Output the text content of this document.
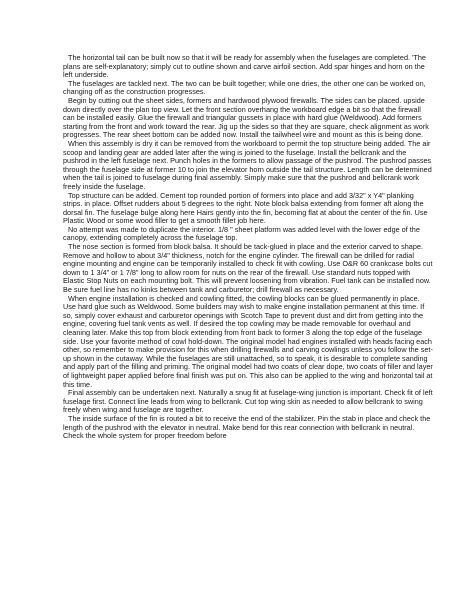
The horizontal tail can be built now so that it will be ready for assembly when the fuselages are completed. 'The plans are self-explanatory; simply cut to outline shown and carve airfoil section. Add spar hinges and horn on the left underside.

The fuselages are tackled next. The two can be built together; while one dries, the other one can be worked on, changing off as the construction progresses.

Begin by cutting out the sheet sides, formers and hardwood plywood firewalls. The sides can be placed. upside down directly over the plan top view. Let the front section overhang the workboard edge a bit so that the firewall can be installed easily. Glue the firewall and triangular gussets in place with hard glue (Weldwood). Add formers starting from the front and work toward the rear. Jig up the sides so that they are square, check alignment as work progresses. The rear sheet bottom can be added now. Install the tailwheel wire and mount as this is being done.

When this assembly is dry it can be removed from the workboard to permit the top structure being added. The air scoop and landing gear are added later after the wing is joined to the fuselage. Install the bellcrank and the pushrod in the left fuselage next. Punch holes in the formers to allow passage of the pushrod. The pushrod passes through the fuselage side at former 10 to join the elevator horn outside the tail structure. Length can be determined when the tail is joined to fuselage during final assembly. Simply make sure that the pushrod and bellcrank work freely inside the fuselage.

Top structure can be added. Cement top rounded portion of formers into place and add 3/32" x Y4" planking strips. in place. Offset rudders about 5 degrees to the right. Note block balsa extending from former aft along the dorsal fin. The fuselage bulge along here Hairs gently into the fin, becoming flat at about the center of the fin. Use Plastic Wood or some wood filler to get a smooth fillet job here.

No attempt was made to duplicate the interior. 1/8 " sheet platform was added level with the lower edge of the canopy, extending completely across the fuselage top.

The nose section is formed from block balsa. It should be tack-glued in place and the exterior carved to shape. Remove and hollow to about 3/4" thickness, notch for the engine cylinder. The firewall can be drilled for radial engine mounting and engine can be temporarily installed to check fit with cowling. Use O&R 60 crankcase bolts cut down to 1 3/4" or 1 7/8" long to allow room for nuts on the rear of the firewall. Use standard nuts topped with Elastic Stop Nuts on each mounting bolt. This will prevent loosening from vibration. Fuel tank can be installed now. Be sure fuel line has no kinks between tank and carburetor; drill firewall as necessary.

When engine installation is checked and cowling fitted, the cowling blocks can be glued permanently in place. Use hard glue such as Weldwood. Some builders may wish to make engine installation permanent at this time. If so, simply cover exhaust and carburetor openings with Scotch Tape to prevent dust and dirt from getting into the engine, covering fuel tank vents as well. If desired the top cowling may be made removable for overhaul and cleaning later. Make this top from block extending from front back to former 3 along the top edge of the fuselage side. Use your favorite method of cowl hold-down. The original model had engines installed with heads facing each other, so remember to make provision for this when drilling firewalls and carving cowlings unless you follow the set-up shown in the cutaway. While the fuselages are still unattached, so to speak, it is desirable to complete sanding and apply part of the filling and priming. The original model had two coats of clear dope, two coats of filler and layer of lightweight paper applied before final finish was put on. This also can be applied to the wing and horizontal tail at this time.

Final assembly can be undertaken next. Naturally a snug fit at fuselage-wing junction is important. Check fit of left fuselage first. Connect line leads from wing to bellcrank. Cut top wing skin as needed to allow bellcrank to swing freely when wing and fuselage are together.

The inside surface of the fin is routed a bit to receive the end of the stabilizer. Pin the stab in place and check the length of the pushrod with the elevator in neutral. Make bend for this rear connection with bellcrank in neutral. Check the whole system for proper freedom before
